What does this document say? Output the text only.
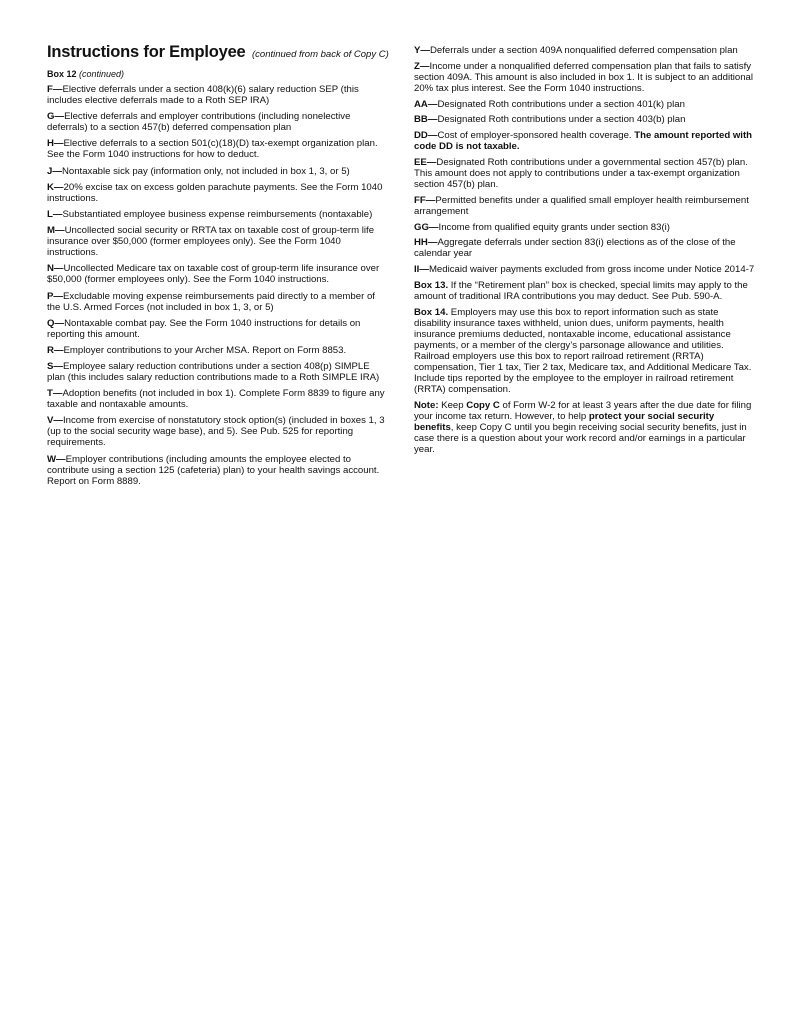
Instructions for Employee (continued from back of Copy C)
Box 12 (continued)
F—Elective deferrals under a section 408(k)(6) salary reduction SEP (this includes elective deferrals made to a Roth SEP IRA)
G—Elective deferrals and employer contributions (including nonelective deferrals) to a section 457(b) deferred compensation plan
H—Elective deferrals to a section 501(c)(18)(D) tax-exempt organization plan. See the Form 1040 instructions for how to deduct.
J—Nontaxable sick pay (information only, not included in box 1, 3, or 5)
K—20% excise tax on excess golden parachute payments. See the Form 1040 instructions.
L—Substantiated employee business expense reimbursements (nontaxable)
M—Uncollected social security or RRTA tax on taxable cost of group-term life insurance over $50,000 (former employees only). See the Form 1040 instructions.
N—Uncollected Medicare tax on taxable cost of group-term life insurance over $50,000 (former employees only). See the Form 1040 instructions.
P—Excludable moving expense reimbursements paid directly to a member of the U.S. Armed Forces (not included in box 1, 3, or 5)
Q—Nontaxable combat pay. See the Form 1040 instructions for details on reporting this amount.
R—Employer contributions to your Archer MSA. Report on Form 8853.
S—Employee salary reduction contributions under a section 408(p) SIMPLE plan (this includes salary reduction contributions made to a Roth SIMPLE IRA)
T—Adoption benefits (not included in box 1). Complete Form 8839 to figure any taxable and nontaxable amounts.
V—Income from exercise of nonstatutory stock option(s) (included in boxes 1, 3 (up to the social security wage base), and 5). See Pub. 525 for reporting requirements.
W—Employer contributions (including amounts the employee elected to contribute using a section 125 (cafeteria) plan) to your health savings account. Report on Form 8889.
Y—Deferrals under a section 409A nonqualified deferred compensation plan
Z—Income under a nonqualified deferred compensation plan that fails to satisfy section 409A. This amount is also included in box 1. It is subject to an additional 20% tax plus interest. See the Form 1040 instructions.
AA—Designated Roth contributions under a section 401(k) plan
BB—Designated Roth contributions under a section 403(b) plan
DD—Cost of employer-sponsored health coverage. The amount reported with code DD is not taxable.
EE—Designated Roth contributions under a governmental section 457(b) plan. This amount does not apply to contributions under a tax-exempt organization section 457(b) plan.
FF—Permitted benefits under a qualified small employer health reimbursement arrangement
GG—Income from qualified equity grants under section 83(i)
HH—Aggregate deferrals under section 83(i) elections as of the close of the calendar year
II—Medicaid waiver payments excluded from gross income under Notice 2014-7
Box 13. If the “Retirement plan” box is checked, special limits may apply to the amount of traditional IRA contributions you may deduct. See Pub. 590-A.
Box 14. Employers may use this box to report information such as state disability insurance taxes withheld, union dues, uniform payments, health insurance premiums deducted, nontaxable income, educational assistance payments, or a member of the clergy’s parsonage allowance and utilities. Railroad employers use this box to report railroad retirement (RRTA) compensation, Tier 1 tax, Tier 2 tax, Medicare tax, and Additional Medicare Tax. Include tips reported by the employee to the employer in railroad retirement (RRTA) compensation.
Note: Keep Copy C of Form W-2 for at least 3 years after the due date for filing your income tax return. However, to help protect your social security benefits, keep Copy C until you begin receiving social security benefits, just in case there is a question about your work record and/or earnings in a particular year.
